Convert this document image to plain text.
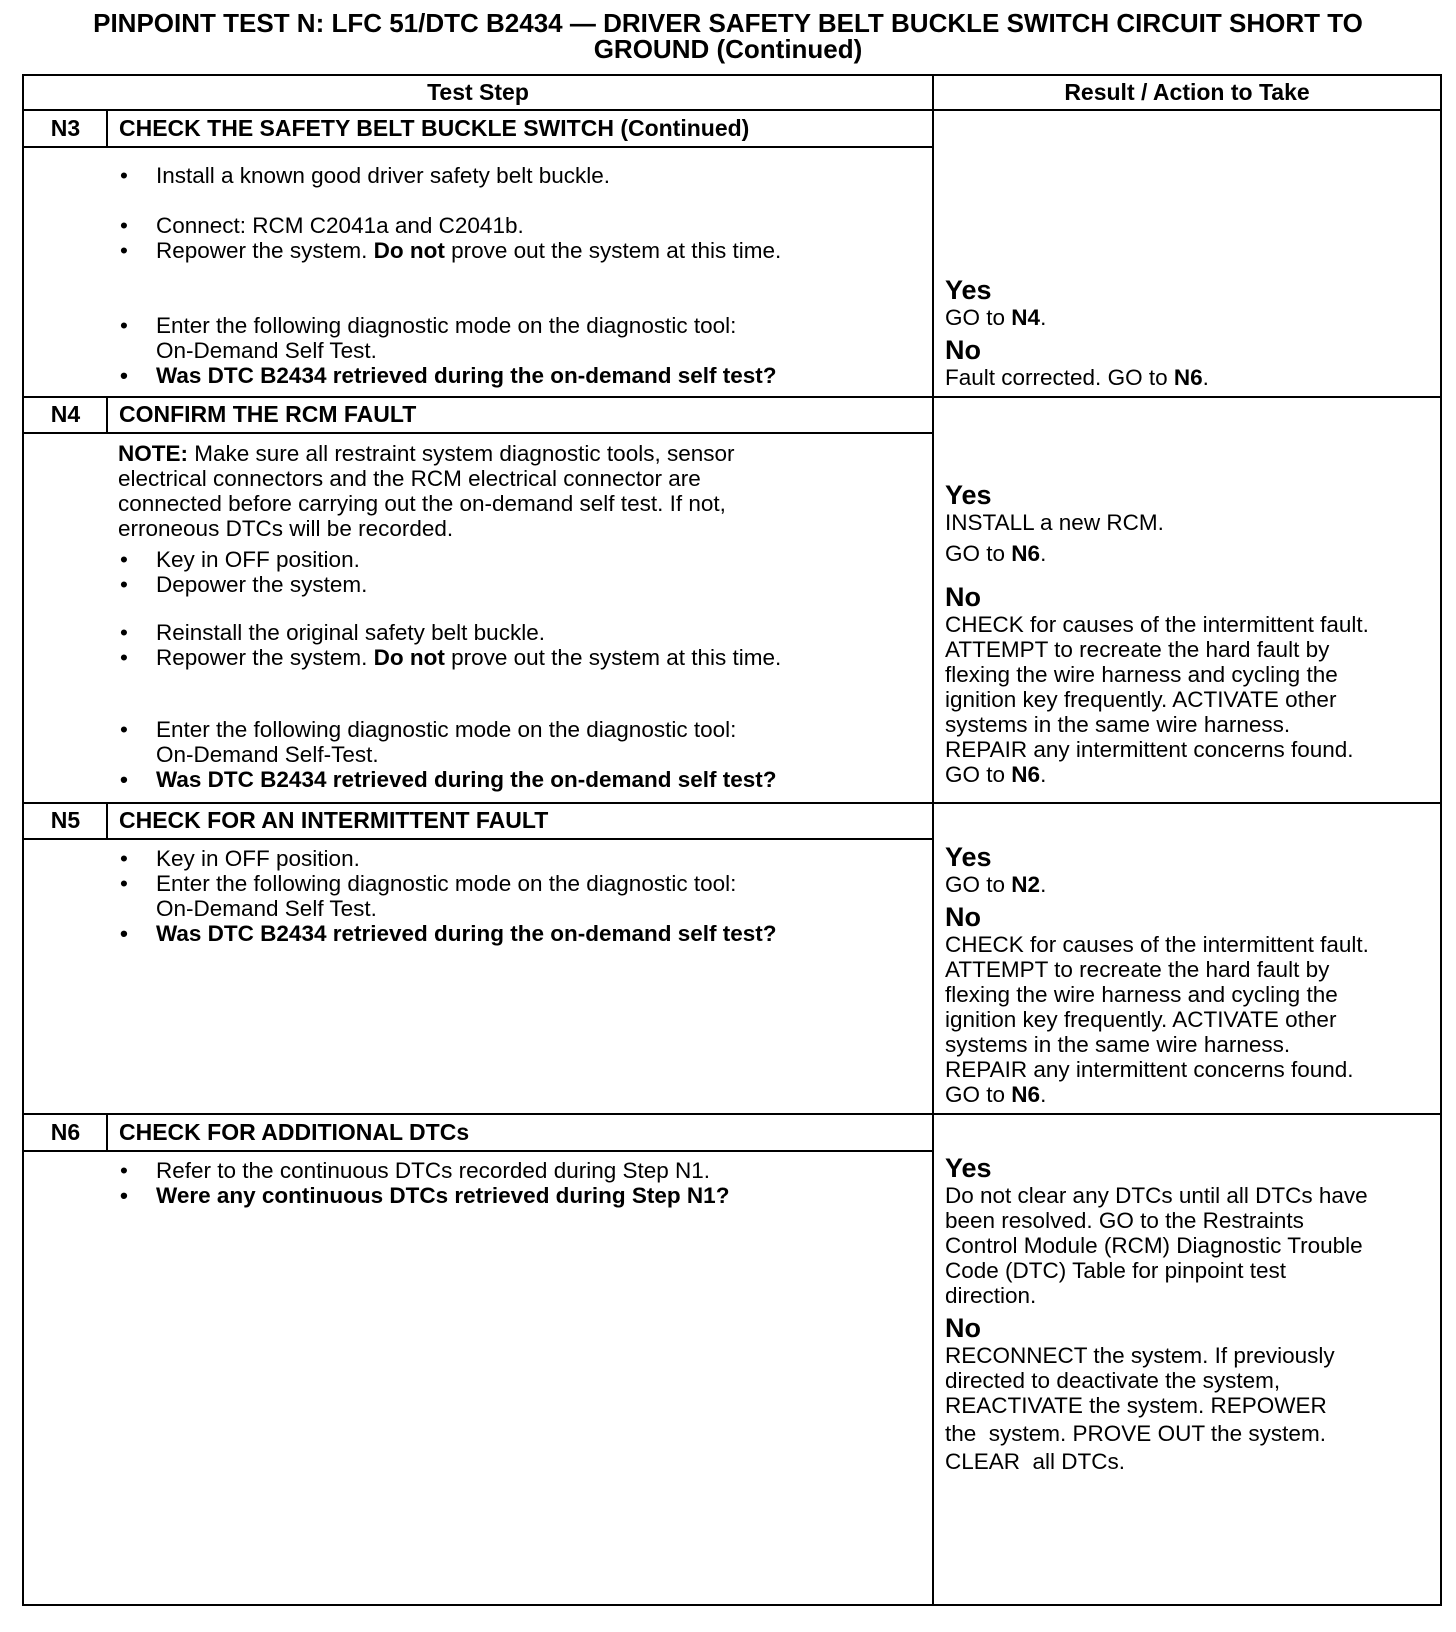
PINPOINT TEST N: LFC 51/DTC B2434 — DRIVER SAFETY BELT BUCKLE SWITCH CIRCUIT SHORT TO
GROUND (Continued)
Test Step	Result / Action to Take
N3	CHECK THE SAFETY BELT BUCKLE SWITCH (Continued)
• Install a known good driver safety belt buckle.
• Connect: RCM C2041a and C2041b.
• Repower the system. Do not prove out the system at this time.
• Enter the following diagnostic mode on the diagnostic tool:
On-Demand Self Test.
• Was DTC B2434 retrieved during the on-demand self test?
Yes
GO to N4.
No
Fault corrected. GO to N6.
N4	CONFIRM THE RCM FAULT
NOTE: Make sure all restraint system diagnostic tools, sensor
electrical connectors and the RCM electrical connector are
connected before carrying out the on-demand self test. If not,
erroneous DTCs will be recorded.
• Key in OFF position.
• Depower the system.
• Reinstall the original safety belt buckle.
• Repower the system. Do not prove out the system at this time.
• Enter the following diagnostic mode on the diagnostic tool:
On-Demand Self-Test.
• Was DTC B2434 retrieved during the on-demand self test?
Yes
INSTALL a new RCM.
GO to N6.
No
CHECK for causes of the intermittent fault.
ATTEMPT to recreate the hard fault by
flexing the wire harness and cycling the
ignition key frequently. ACTIVATE other
systems in the same wire harness.
REPAIR any intermittent concerns found.
GO to N6.
N5	CHECK FOR AN INTERMITTENT FAULT
• Key in OFF position.
• Enter the following diagnostic mode on the diagnostic tool:
On-Demand Self Test.
• Was DTC B2434 retrieved during the on-demand self test?
Yes
GO to N2.
No
CHECK for causes of the intermittent fault.
ATTEMPT to recreate the hard fault by
flexing the wire harness and cycling the
ignition key frequently. ACTIVATE other
systems in the same wire harness.
REPAIR any intermittent concerns found.
GO to N6.
N6	CHECK FOR ADDITIONAL DTCs
• Refer to the continuous DTCs recorded during Step N1.
• Were any continuous DTCs retrieved during Step N1?
Yes
Do not clear any DTCs until all DTCs have
been resolved. GO to the Restraints
Control Module (RCM) Diagnostic Trouble
Code (DTC) Table for pinpoint test
direction.
No
RECONNECT the system. If previously
directed to deactivate the system,
REACTIVATE the system. REPOWER
the  system. PROVE OUT the system.
CLEAR  all DTCs.
